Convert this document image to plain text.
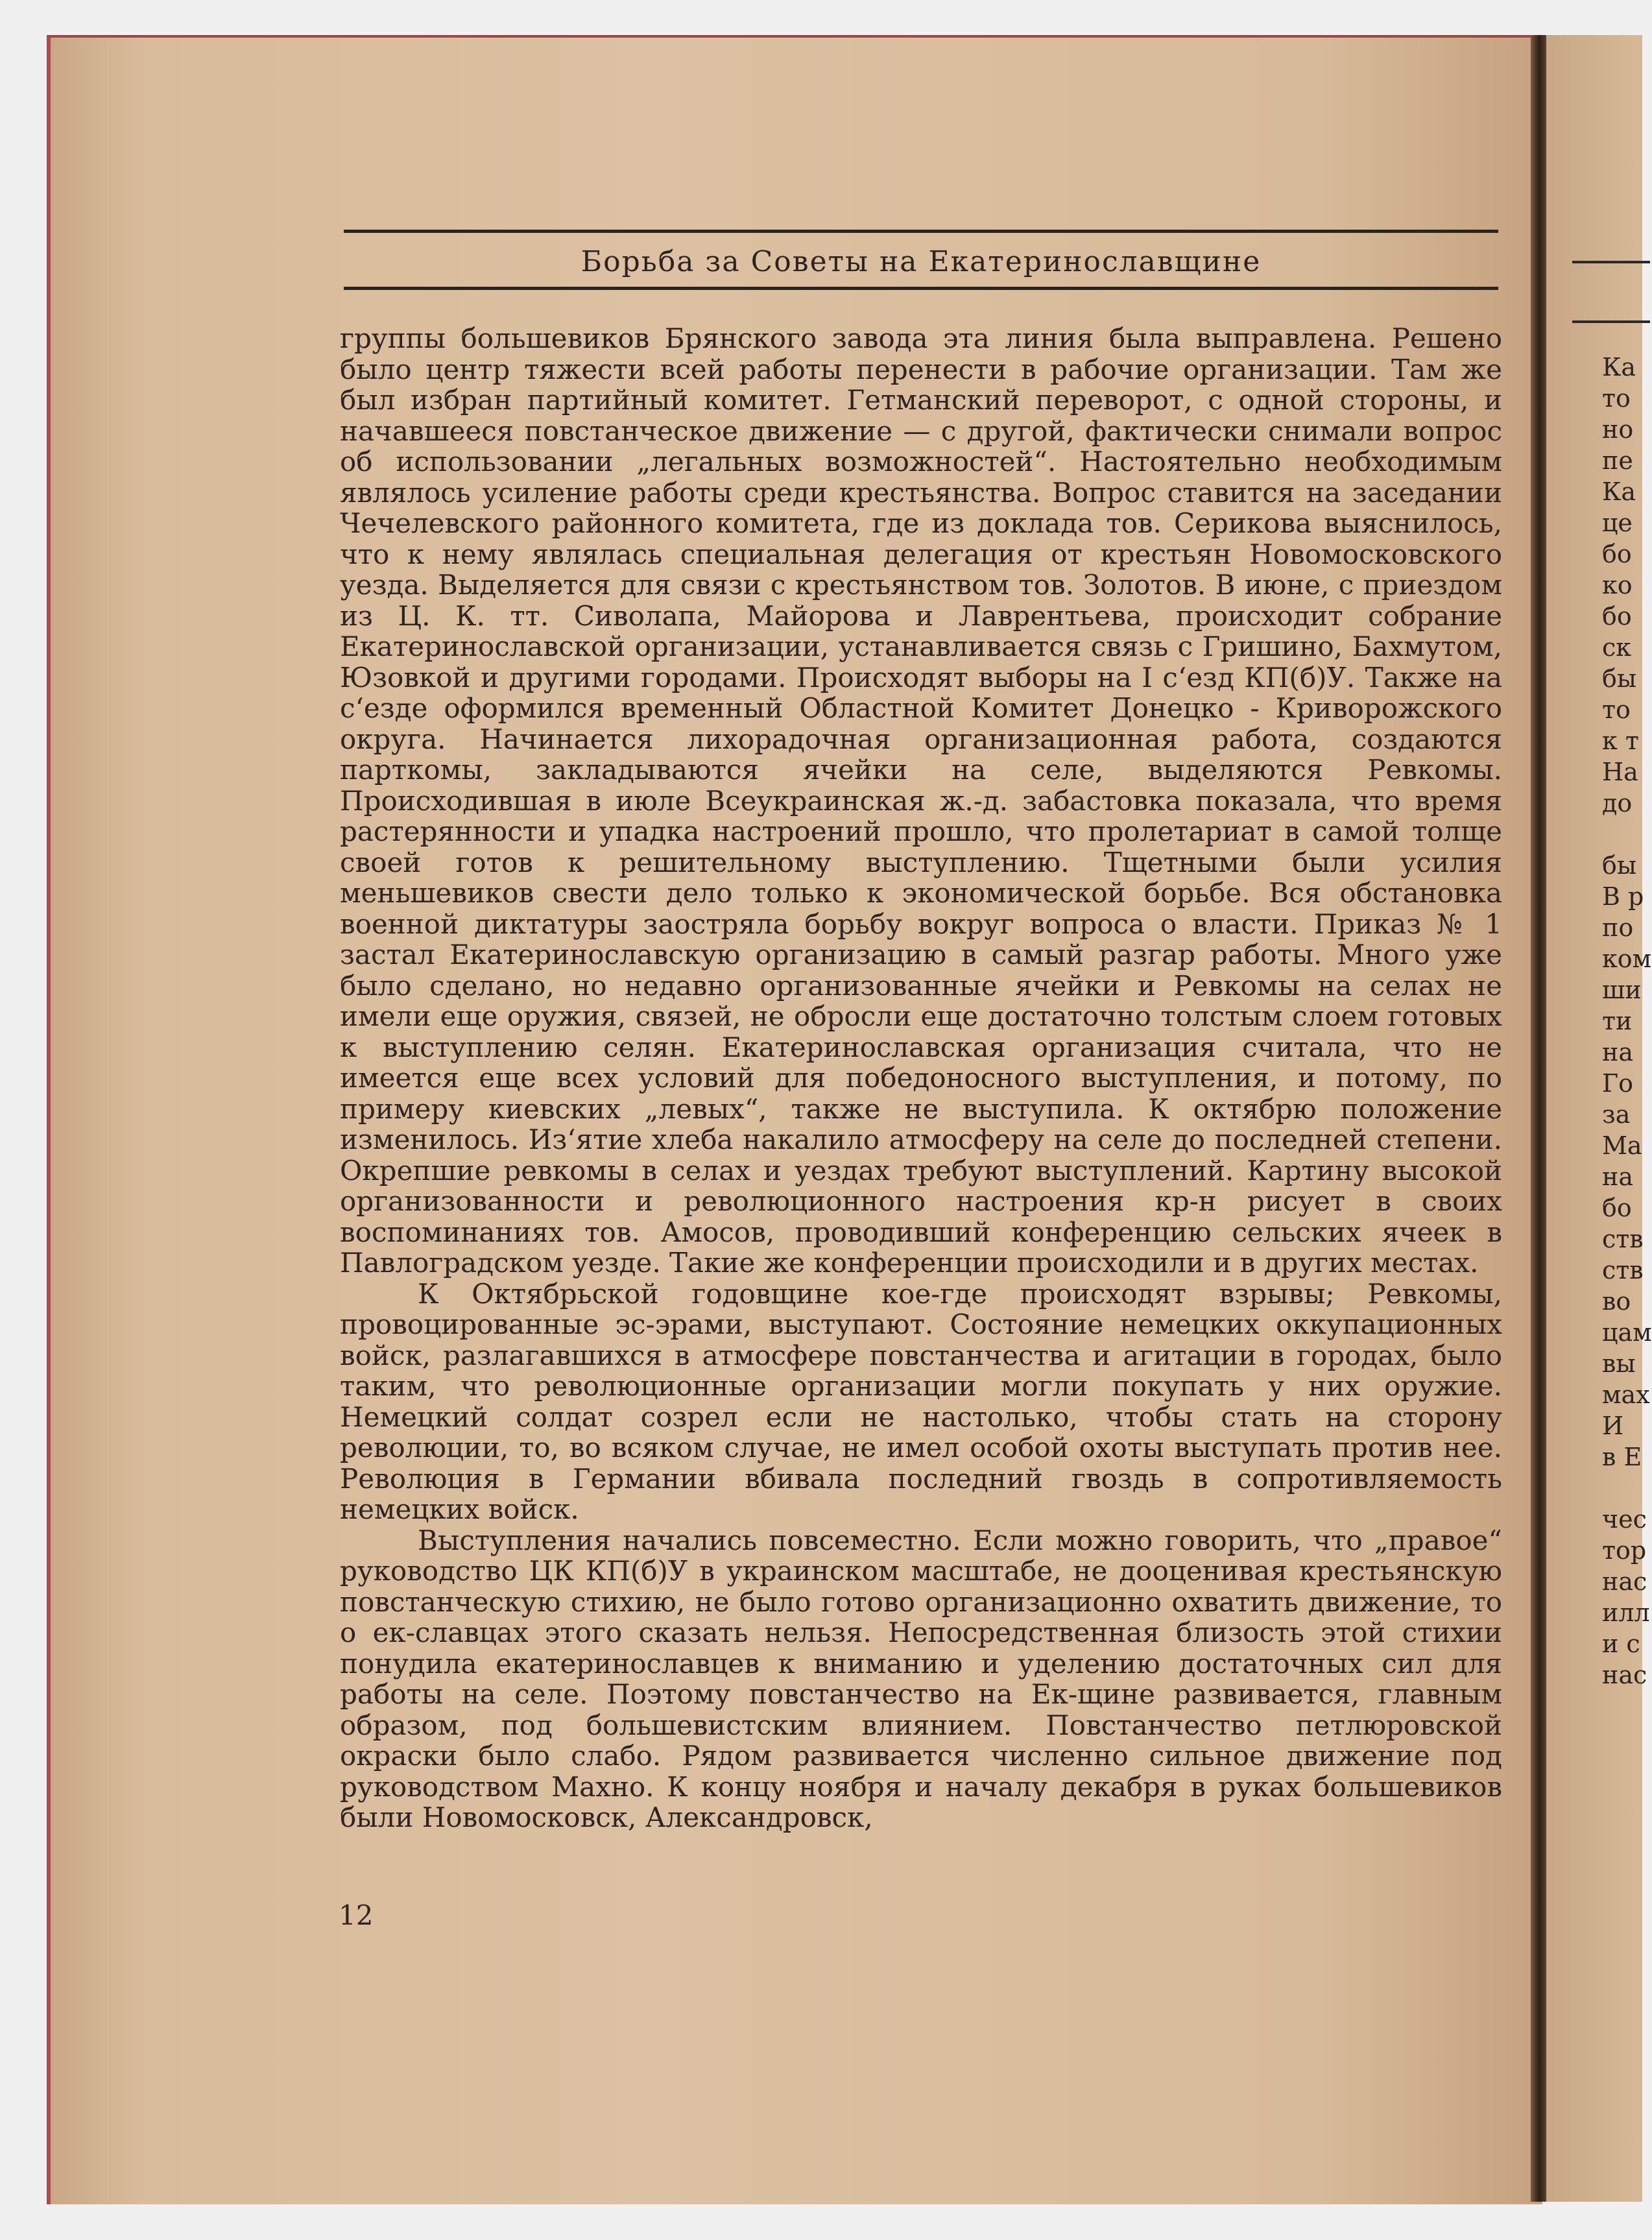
Ка
то
но
пе
Ка
це
бо
ко
бо
ск
бы
то
к т
На
до

бы
В р
по
ком
ши
ти
на
Го
за
Ма
на
бо
ств
ств
во
цам
вы
мах
И
в Е

чес
тор
нас
илл
и с
нас
Борьба за Советы на Екатеринославщине

группы большевиков Брянского завода эта линия была выправлена. Решено было центр тяжести всей работы перенести в рабочие организации. Там же был избран партийный комитет. Гетманский переворот, с одной стороны, и начавшееся повстанческое движение — с другой, фактически снимали вопрос об использовании „легальных возможностей“. Настоятельно необходимым являлось усиление работы среди крестьянства. Вопрос ставится на заседании Чечелевского районного комитета, где из доклада тов. Серикова выяснилось, что к нему являлась специальная делегация от крестьян Новомосковского уезда. Выделяется для связи с крестьянством тов. Золотов. В июне, с приездом из Ц. К. тт. Сиволапа, Майорова и Лаврентьева, происходит собрание Екатеринославской организации, устанавливается связь с Гришино, Бахмутом, Юзовкой и другими городами. Происходят выборы на I с‘езд КП(б)У. Также на с‘езде оформился временный Областной Комитет Донецко - Криворожского округа. Начинается лихорадочная организационная работа, создаются парткомы, закладываются ячейки на селе, выделяются Ревкомы. Происходившая в июле Всеукраинская ж.-д. забастовка показала, что время растерянности и упадка настроений прошло, что пролетариат в самой толще своей готов к решительному выступлению. Тщетными были усилия меньшевиков свести дело только к экономической борьбе. Вся обстановка военной диктатуры заостряла борьбу вокруг вопроса о власти. Приказ № 1 застал Екатеринославскую организацию в самый разгар работы. Много уже было сделано, но недавно организованные ячейки и Ревкомы на селах не имели еще оружия, связей, не обросли еще достаточно толстым слоем готовых к выступлению селян. Екатеринославская организация считала, что не имеется еще всех условий для победоносного выступления, и потому, по примеру киевских „левых“, также не выступила. К октябрю положение изменилось. Из‘ятие хлеба накалило атмосферу на селе до последней степени. Окрепшие ревкомы в селах и уездах требуют выступлений. Картину высокой организованности и революционного настроения кр-н рисует в своих воспоминаниях тов. Амосов, проводивший конференцию сельских ячеек в Павлоградском уезде. Такие же конференции происходили и в других местах.

К Октябрьской годовщине кое-где происходят взрывы; Ревкомы, провоцированные эс-эрами, выступают. Состояние немецких оккупационных войск, разлагавшихся в атмосфере повстанчества и агитации в городах, было таким, что революционные организации могли покупать у них оружие. Немецкий солдат созрел если не настолько, чтобы стать на сторону революции, то, во всяком случае, не имел особой охоты выступать против нее. Революция в Германии вбивала последний гвоздь в сопротивляемость немецких войск.

Выступления начались повсеместно. Если можно говорить, что „правое“ руководство ЦК КП(б)У в украинском масштабе, не дооценивая крестьянскую повстанческую стихию, не было готово организационно охватить движение, то о ек-славцах этого сказать нельзя. Непосредственная близость этой стихии понудила екатеринославцев к вниманию и уделению достаточных сил для работы на селе. Поэтому повстанчество на Ек-щине развивается, главным образом, под большевистским влиянием. Повстанчество петлюровской окраски было слабо. Рядом развивается численно сильное движение под руководством Махно. К концу ноября и началу декабря в руках большевиков были Новомосковск, Александровск,

12
